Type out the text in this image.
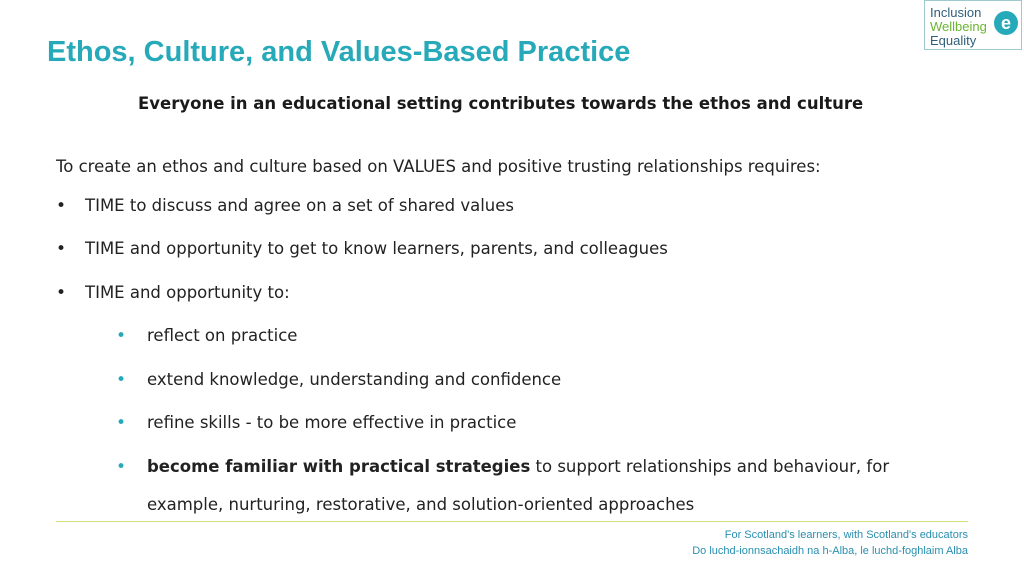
Ethos, Culture, and Values-Based Practice
Inclusion
Wellbeing
Equality
e
Everyone in an educational setting contributes towards the ethos and culture
To create an ethos and culture based on VALUES and positive trusting relationships requires:
• TIME to discuss and agree on a set of shared values
• TIME and opportunity to get to know learners, parents, and colleagues
• TIME and opportunity to:
• reflect on practice
• extend knowledge, understanding and confidence
• refine skills - to be more effective in practice
• become familiar with practical strategies to support relationships and behaviour, for
example, nurturing, restorative, and solution-oriented approaches
For Scotland's learners, with Scotland's educators
Do luchd-ionnsachaidh na h-Alba, le luchd-foghlaim Alba
